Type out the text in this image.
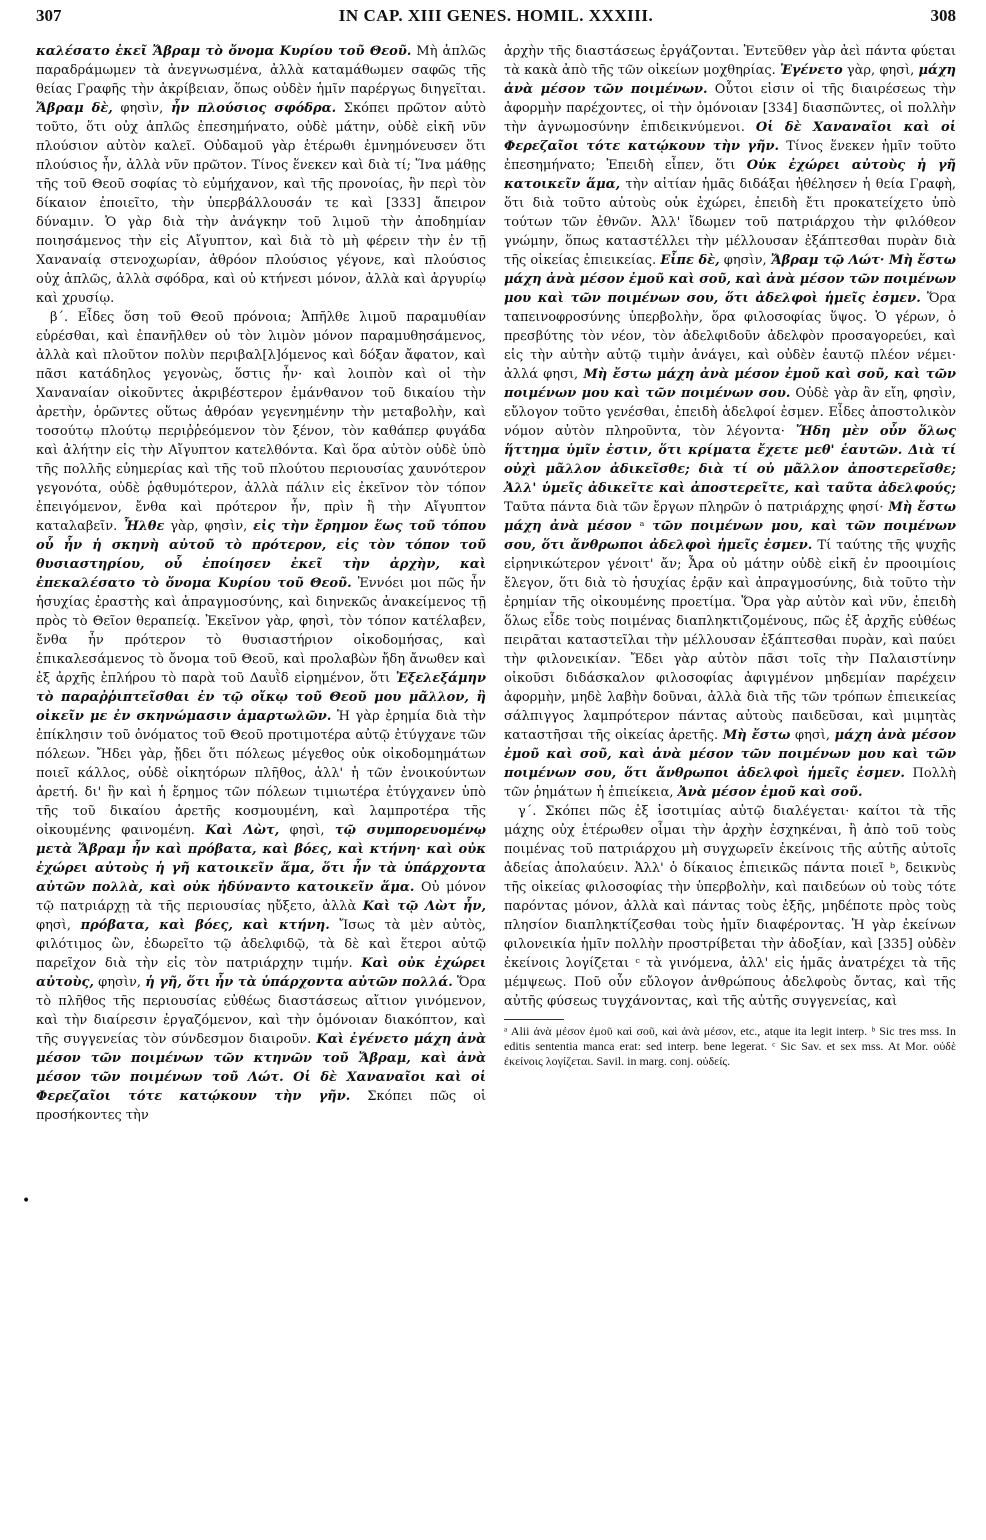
307	IN CAP. XIII GENES. HOMIL. XXXIII.	308

καλέσατο ἐκεῖ Ἄβραμ τὸ ὄνομα Κυρίου τοῦ Θεοῦ. Μὴ ἁπλῶς παραδράμωμεν τὰ ἀνεγνωσμένα, ἀλλὰ καταμάθωμεν σαφῶς τῆς θείας Γραφῆς τὴν ἀκρίβειαν, ὅπως οὐδὲν ἡμῖν παρέργως διηγεῖται. Ἄβραμ δὲ, φησὶν, ἦν πλούσιος σφόδρα. Σκόπει πρῶτον αὐτὸ τοῦτο, ὅτι οὐχ ἁπλῶς ἐπεσημήνατο, οὐδὲ μάτην, οὐδὲ εἰκῆ νῦν πλούσιον αὐτὸν καλεῖ. Οὐδαμοῦ γὰρ ἑτέρωθι ἐμνημόνευσεν ὅτι πλούσιος ἦν, ἀλλὰ νῦν πρῶτον. Τίνος ἕνεκεν καὶ διὰ τί; Ἵνα μάθῃς τῆς τοῦ Θεοῦ σοφίας τὸ εὐμήχανον, καὶ τῆς προνοίας, ἣν περὶ τὸν δίκαιον ἐποιεῖτο, τὴν ὑπερβάλλουσάν τε καὶ [333] ἄπειρον δύναμιν. Ὁ γὰρ διὰ τὴν ἀνάγκην τοῦ λιμοῦ τὴν ἀποδημίαν ποιησάμενος τὴν εἰς Αἴγυπτον, καὶ διὰ τὸ μὴ φέρειν τὴν ἐν τῇ Χαναναίᾳ στενοχωρίαν, ἀθρόον πλούσιος γέγονε, καὶ πλούσιος οὐχ ἁπλῶς, ἀλλὰ σφόδρα, καὶ οὐ κτήνεσι μόνον, ἀλλὰ καὶ ἀργυρίῳ καὶ χρυσίῳ.

β΄. Εἶδες ὅση τοῦ Θεοῦ πρόνοια; Ἀπῆλθε λιμοῦ παραμυθίαν εὑρέσθαι, καὶ ἐπανῆλθεν οὐ τὸν λιμὸν μόνον παραμυθησάμενος, ἀλλὰ καὶ πλοῦτον πολὺν περιβαλ[λ]όμενος καὶ δόξαν ἄφατον, καὶ πᾶσι κατάδηλος γεγονὼς, ὅστις ἦν· καὶ λοιπὸν καὶ οἱ τὴν Χαναναίαν οἰκοῦντες ἀκριβέστερον ἐμάνθανον τοῦ δικαίου τὴν ἀρετὴν, ὁρῶντες οὕτως ἀθρόαν γεγενημένην τὴν μεταβολὴν, καὶ τοσούτῳ πλούτῳ περιῤῥεόμενον τὸν ξένον, τὸν καθάπερ φυγάδα καὶ ἀλήτην εἰς τὴν Αἴγυπτον κατελθόντα. Καὶ ὅρα αὐτὸν οὐδὲ ὑπὸ τῆς πολλῆς εὐημερίας καὶ τῆς τοῦ πλούτου περιουσίας χαυνότερον γεγονότα, οὐδὲ ῥᾳθυμότερον, ἀλλὰ πάλιν εἰς ἐκεῖνον τὸν τόπον ἐπειγόμενον, ἔνθα καὶ πρότερον ἦν, πρὶν ἢ τὴν Αἴγυπτον καταλαβεῖν. Ἦλθε γὰρ, φησὶν, εἰς τὴν ἔρημον ἕως τοῦ τόπου οὗ ἦν ἡ σκηνὴ αὐτοῦ τὸ πρότερον, εἰς τὸν τόπον τοῦ θυσιαστηρίου, οὗ ἐποίησεν ἐκεῖ τὴν ἀρχὴν, καὶ ἐπεκαλέσατο τὸ ὄνομα Κυρίου τοῦ Θεοῦ. Ἐννόει μοι πῶς ἦν ἡσυχίας ἐραστὴς καὶ ἀπραγμοσύνης, καὶ διηνεκῶς ἀνακείμενος τῇ πρὸς τὸ Θεῖον θεραπείᾳ. Ἐκεῖνον γὰρ, φησὶ, τὸν τόπον κατέλαβεν, ἔνθα ἦν πρότερον τὸ θυσιαστήριον οἰκοδομήσας, καὶ ἐπικαλεσάμενος τὸ ὄνομα τοῦ Θεοῦ, καὶ προλαβὼν ἤδη ἄνωθεν καὶ ἐξ ἀρχῆς ἐπλήρου τὸ παρὰ τοῦ Δαυῒδ εἰρημένον, ὅτι Ἐξελεξάμην τὸ παραῤῥιπτεῖσθαι ἐν τῷ οἴκῳ τοῦ Θεοῦ μου μᾶλλον, ἢ οἰκεῖν με ἐν σκηνώμασιν ἁμαρτωλῶν. Ἡ γὰρ ἐρημία διὰ τὴν ἐπίκλησιν τοῦ ὀνόματος τοῦ Θεοῦ προτιμοτέρα αὐτῷ ἐτύγχανε τῶν πόλεων. Ἤδει γὰρ, ᾔδει ὅτι πόλεως μέγεθος οὐκ οἰκοδομημάτων ποιεῖ κάλλος, οὐδὲ οἰκητόρων πλῆθος, ἀλλ' ἡ τῶν ἐνοικούντων ἀρετή. δι' ἣν καὶ ἡ ἔρημος τῶν πόλεων τιμιωτέρα ἐτύγχανεν ὑπὸ τῆς τοῦ δικαίου ἀρετῆς κοσμουμένη, καὶ λαμπροτέρα τῆς οἰκουμένης φαινομένη. Καὶ Λὼτ, φησὶ, τῷ συμπορευομένῳ μετὰ Ἄβραμ ἦν καὶ πρόβατα, καὶ βόες, καὶ κτήνη· καὶ οὐκ ἐχώρει αὐτοὺς ἡ γῆ κατοικεῖν ἅμα, ὅτι ἦν τὰ ὑπάρχοντα αὐτῶν πολλὰ, καὶ οὐκ ἠδύναντο κατοικεῖν ἅμα. Οὐ μόνον τῷ πατριάρχῃ τὰ τῆς περιουσίας ηὔξετο, ἀλλὰ Καὶ τῷ Λὼτ ἦν, φησὶ, πρόβατα, καὶ βόες, καὶ κτήνη. Ἴσως τὰ μὲν αὐτὸς, φιλότιμος ὢν, ἐδωρεῖτο τῷ ἀδελφιδῷ, τὰ δὲ καὶ ἕτεροι αὐτῷ παρεῖχον διὰ τὴν εἰς τὸν πατριάρχην τιμήν. Καὶ οὐκ ἐχώρει αὐτοὺς, φησὶν, ἡ γῆ, ὅτι ἦν τὰ ὑπάρχοντα αὐτῶν πολλά. Ὅρα τὸ πλῆθος τῆς περιουσίας εὐθέως διαστάσεως αἴτιον γινόμενον, καὶ τὴν διαίρεσιν ἐργαζόμενον, καὶ τὴν ὁμόνοιαν διακόπτον, καὶ τῆς συγγενείας τὸν σύνδεσμον διαιροῦν. Καὶ ἐγένετο μάχη ἀνὰ μέσον τῶν ποιμένων τῶν κτηνῶν τοῦ Ἄβραμ, καὶ ἀνὰ μέσον τῶν ποιμένων τοῦ Λώτ. Οἱ δὲ Χαναναῖοι καὶ οἱ Φερεζαῖοι τότε κατῴκουν τὴν γῆν. Σκόπει πῶς οἱ προσήκοντες τὴν

ἀρχὴν τῆς διαστάσεως ἐργάζονται. Ἐντεῦθεν γὰρ ἀεὶ πάντα φύεται τὰ κακὰ ἀπὸ τῆς τῶν οἰκείων μοχθηρίας. Ἐγένετο γὰρ, φησὶ, μάχη ἀνὰ μέσον τῶν ποιμένων. Οὗτοι εἰσιν οἱ τῆς διαιρέσεως τὴν ἀφορμὴν παρέχοντες, οἱ τὴν ὁμόνοιαν [334] διασπῶντες, οἱ πολλὴν τὴν ἀγνωμοσύνην ἐπιδεικνύμενοι. Οἱ δὲ Χαναναῖοι καὶ οἱ Φερεζαῖοι τότε κατῴκουν τὴν γῆν. Τίνος ἕνεκεν ἡμῖν τοῦτο ἐπεσημήνατο; Ἐπειδὴ εἶπεν, ὅτι Οὐκ ἐχώρει αὐτοὺς ἡ γῆ κατοικεῖν ἅμα, τὴν αἰτίαν ἡμᾶς διδάξαι ἠθέλησεν ἡ θεία Γραφὴ, ὅτι διὰ τοῦτο αὐτοὺς οὐκ ἐχώρει, ἐπειδὴ ἔτι προκατείχετο ὑπὸ τούτων τῶν ἐθνῶν. Ἀλλ' ἴδωμεν τοῦ πατριάρχου τὴν φιλόθεον γνώμην, ὅπως καταστέλλει τὴν μέλλουσαν ἐξάπτεσθαι πυρὰν διὰ τῆς οἰκείας ἐπιεικείας. Εἶπε δὲ, φησὶν, Ἄβραμ τῷ Λώτ· Μὴ ἔστω μάχη ἀνὰ μέσον ἐμοῦ καὶ σοῦ, καὶ ἀνὰ μέσον τῶν ποιμένων μου καὶ τῶν ποιμένων σου, ὅτι ἀδελφοὶ ἡμεῖς ἐσμεν. Ὅρα ταπεινοφροσύνης ὑπερβολὴν, ὅρα φιλοσοφίας ὕψος. Ὁ γέρων, ὁ πρεσβύτης τὸν νέον, τὸν ἀδελφιδοῦν ἀδελφὸν προσαγορεύει, καὶ εἰς τὴν αὐτὴν αὐτῷ τιμὴν ἀνάγει, καὶ οὐδὲν ἑαυτῷ πλέον νέμει· ἀλλά φησι, Μὴ ἔστω μάχη ἀνὰ μέσον ἐμοῦ καὶ σοῦ, καὶ τῶν ποιμένων μου καὶ τῶν ποιμένων σου. Οὐδὲ γὰρ ἂν εἴη, φησὶν, εὔλογον τοῦτο γενέσθαι, ἐπειδὴ ἀδελφοί ἐσμεν. Εἶδες ἀποστολικὸν νόμον αὐτὸν πληροῦντα, τὸν λέγοντα· Ἤδη μὲν οὖν ὅλως ἥττημα ὑμῖν ἐστιν, ὅτι κρίματα ἔχετε μεθ' ἑαυτῶν. Διὰ τί οὐχὶ μᾶλλον ἀδικεῖσθε; διὰ τί οὐ μᾶλλον ἀποστερεῖσθε; Ἀλλ' ὑμεῖς ἀδικεῖτε καὶ ἀποστερεῖτε, καὶ ταῦτα ἀδελφούς; Ταῦτα πάντα διὰ τῶν ἔργων πληρῶν ὁ πατριάρχης φησί· Μὴ ἔστω μάχη ἀνὰ μέσον ᵃ τῶν ποιμένων μου, καὶ τῶν ποιμένων σου, ὅτι ἄνθρωποι ἀδελφοὶ ἡμεῖς ἐσμεν. Τί ταύτης τῆς ψυχῆς εἰρηνικώτερον γένοιτ' ἄν; Ἆρα οὐ μάτην οὐδὲ εἰκῆ ἐν προοιμίοις ἔλεγον, ὅτι διὰ τὸ ἡσυχίας ἐρᾷν καὶ ἀπραγμοσύνης, διὰ τοῦτο τὴν ἐρημίαν τῆς οἰκουμένης προετίμα. Ὅρα γὰρ αὐτὸν καὶ νῦν, ἐπειδὴ ὅλως εἶδε τοὺς ποιμένας διαπληκτιζομένους, πῶς ἐξ ἀρχῆς εὐθέως πειρᾶται καταστεῖλαι τὴν μέλλουσαν ἐξάπτεσθαι πυρὰν, καὶ παύει τὴν φιλονεικίαν. Ἔδει γὰρ αὐτὸν πᾶσι τοῖς τὴν Παλαιστίνην οἰκοῦσι διδάσκαλον φιλοσοφίας ἀφιγμένον μηδεμίαν παρέχειν ἀφορμὴν, μηδὲ λαβὴν δοῦναι, ἀλλὰ διὰ τῆς τῶν τρόπων ἐπιεικείας σάλπιγγος λαμπρότερον πάντας αὐτοὺς παιδεῦσαι, καὶ μιμητὰς καταστῆσαι τῆς οἰκείας ἀρετῆς. Μὴ ἔστω φησὶ, μάχη ἀνὰ μέσον ἐμοῦ καὶ σοῦ, καὶ ἀνὰ μέσον τῶν ποιμένων μου καὶ τῶν ποιμένων σου, ὅτι ἄνθρωποι ἀδελφοὶ ἡμεῖς ἐσμεν. Πολλὴ τῶν ῥημάτων ἡ ἐπιείκεια, Ἀνὰ μέσον ἐμοῦ καὶ σοῦ.

γ΄. Σκόπει πῶς ἐξ ἰσοτιμίας αὐτῷ διαλέγεται· καίτοι τὰ τῆς μάχης οὐχ ἑτέρωθεν οἶμαι τὴν ἀρχὴν ἐσχηκέναι, ἢ ἀπὸ τοῦ τοὺς ποιμένας τοῦ πατριάρχου μὴ συγχωρεῖν ἐκείνοις τῆς αὐτῆς αὐτοῖς ἀδείας ἀπολαύειν. Ἀλλ' ὁ δίκαιος ἐπιεικῶς πάντα ποιεῖ ᵇ, δεικνὺς τῆς οἰκείας φιλοσοφίας τὴν ὑπερβολὴν, καὶ παιδεύων οὐ τοὺς τότε παρόντας μόνον, ἀλλὰ καὶ πάντας τοὺς ἑξῆς, μηδέποτε πρὸς τοὺς πλησίον διαπληκτίζεσθαι τοὺς ἡμῖν διαφέροντας. Ἡ γὰρ ἐκείνων φιλονεικία ἡμῖν πολλὴν προστρίβεται τὴν ἀδοξίαν, καὶ [335] οὐδὲν ἐκείνοις λογίζεται ᶜ τὰ γινόμενα, ἀλλ' εἰς ἡμᾶς ἀνατρέχει τὰ τῆς μέμψεως. Ποῦ οὖν εὔλογον ἀνθρώπους ἀδελφοὺς ὄντας, καὶ τῆς αὐτῆς φύσεως τυγχάνοντας, καὶ τῆς αὐτῆς συγγενείας, καὶ

ᵃ Alii ἀνὰ μέσον ἐμοῦ καὶ σοῦ, καὶ ἀνὰ μέσον, etc., atque ita legit interp. ᵇ Sic tres mss. In editis sententia manca erat: sed interp. bene legerat. ᶜ Sic Sav. et sex mss. At Mor. οὐδὲ ἐκείνοις λογίζεται. Savil. in marg. conj. οὐδείς.
•
